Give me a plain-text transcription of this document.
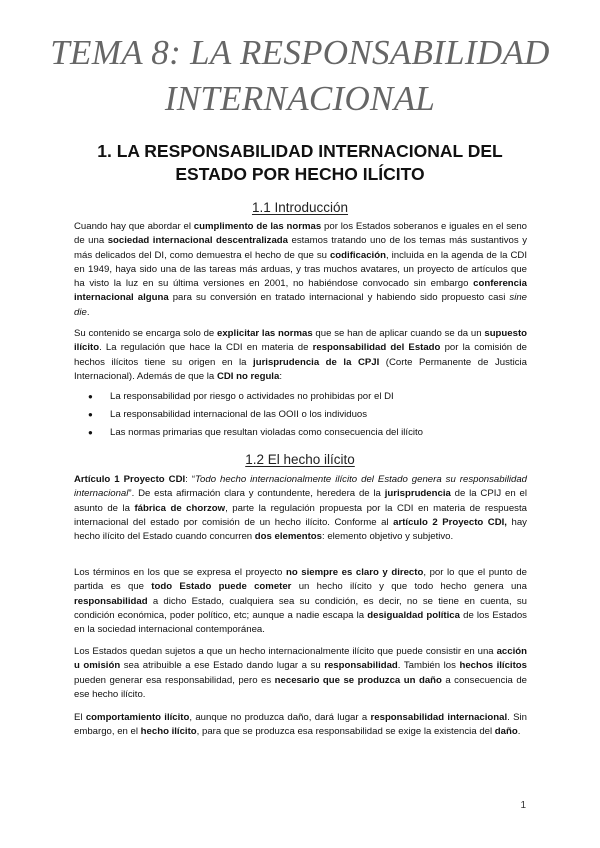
TEMA 8: LA RESPONSABILIDAD
INTERNACIONAL
1. LA RESPONSABILIDAD INTERNACIONAL DEL
ESTADO POR HECHO ILÍCITO
1.1 Introducción

Cuando hay que abordar el cumplimento de las normas por los Estados soberanos e iguales en el seno de una sociedad internacional descentralizada estamos tratando uno de los temas más sustantivos y más delicados del DI, como demuestra el hecho de que su codificación, incluida en la agenda de la CDI en 1949, haya sido una de las tareas más arduas, y tras muchos avatares, un proyecto de artículos que ha visto la luz en su última versiones en 2001, no habiéndose convocado sin embargo conferencia internacional alguna para su conversión en tratado internacional y habiendo sido propuesto casi sine die.

Su contenido se encarga solo de explicitar las normas que se han de aplicar cuando se da un supuesto ilícito. La regulación que hace la CDI en materia de responsabilidad del Estado por la comisión de hechos ilícitos tiene su origen en la jurisprudencia de la CPJI (Corte Permanente de Justicia Internacional). Además de que la CDI no regula:

● La responsabilidad por riesgo o actividades no prohibidas por el DI
● La responsabilidad internacional de las OOII o los individuos
● Las normas primarias que resultan violadas como consecuencia del ilícito
1.2 El hecho ilícito

Artículo 1 Proyecto CDI: “Todo hecho internacionalmente ilícito del Estado genera su responsabilidad internacional”. De esta afirmación clara y contundente, heredera de la jurisprudencia de la CPIJ en el asunto de la fábrica de chorzow, parte la regulación propuesta por la CDI en materia de respuesta internacional del estado por comisión de un hecho ilícito. Conforme al artículo 2 Proyecto CDI, hay hecho ilícito del Estado cuando concurren dos elementos: elemento objetivo y subjetivo.

Los términos en los que se expresa el proyecto no siempre es claro y directo, por lo que el punto de partida es que todo Estado puede cometer un hecho ilícito y que todo hecho genera una responsabilidad a dicho Estado, cualquiera sea su condición, es decir, no se tiene en cuenta, su condición económica, poder político, etc; aunque a nadie escapa la desigualdad política de los Estados en la sociedad internacional contemporánea.

Los Estados quedan sujetos a que un hecho internacionalmente ilícito que puede consistir en una acción u omisión sea atribuible a ese Estado dando lugar a su responsabilidad. También los hechos ilícitos pueden generar esa responsabilidad, pero es necesario que se produzca un daño a consecuencia de ese hecho ilícito.

El comportamiento ilícito, aunque no produzca daño, dará lugar a responsabilidad internacional. Sin embargo, en el hecho ilícito, para que se produzca esa responsabilidad se exige la existencia del daño.

1
